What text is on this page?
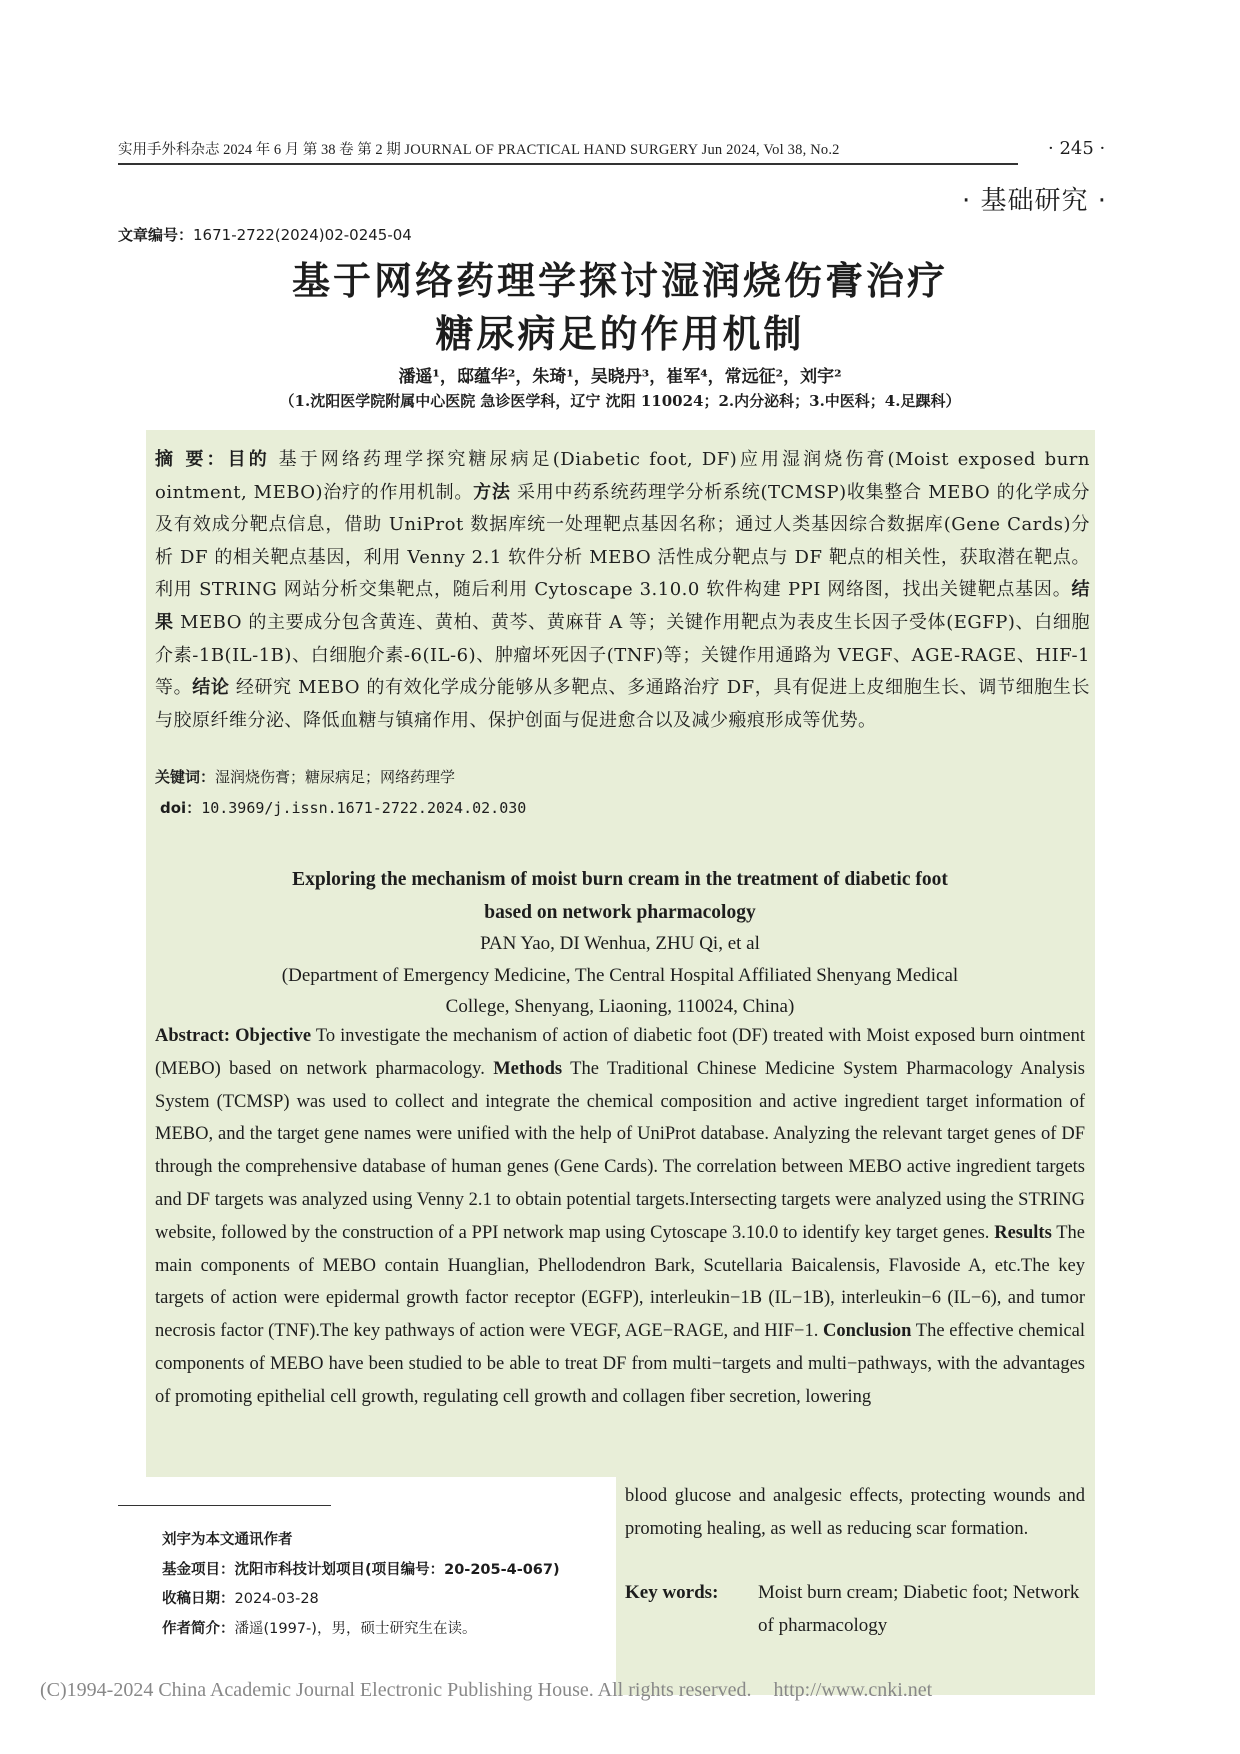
实用手外科杂志 2024 年 6 月 第 38 卷 第 2 期 JOURNAL OF PRACTICAL HAND SURGERY Jun 2024, Vol 38, No.2	· 245 ·
· 基础研究 ·
文章编号：1671-2722(2024)02-0245-04
基于网络药理学探讨湿润烧伤膏治疗
糖尿病足的作用机制
潘遥¹，邸蕴华²，朱琦¹，吴晓丹³，崔军⁴，常远征²，刘宇²
（1.沈阳医学院附属中心医院 急诊医学科，辽宁 沈阳 110024；2.内分泌科；3.中医科；4.足踝科）
摘 要：目的 基于网络药理学探究糖尿病足(Diabetic foot, DF)应用湿润烧伤膏(Moist exposed burn ointment, MEBO)治疗的作用机制。方法 采用中药系统药理学分析系统(TCMSP)收集整合 MEBO 的化学成分及有效成分靶点信息，借助 UniProt 数据库统一处理靶点基因名称；通过人类基因综合数据库(Gene Cards)分析 DF 的相关靶点基因，利用 Venny 2.1 软件分析 MEBO 活性成分靶点与 DF 靶点的相关性，获取潜在靶点。利用 STRING 网站分析交集靶点，随后利用 Cytoscape 3.10.0 软件构建 PPI 网络图，找出关键靶点基因。结果 MEBO 的主要成分包含黄连、黄柏、黄芩、黄麻苷 A 等；关键作用靶点为表皮生长因子受体(EGFP)、白细胞介素-1B(IL-1B)、白细胞介素-6(IL-6)、肿瘤坏死因子(TNF)等；关键作用通路为 VEGF、AGE-RAGE、HIF-1 等。结论 经研究 MEBO 的有效化学成分能够从多靶点、多通路治疗 DF，具有促进上皮细胞生长、调节细胞生长与胶原纤维分泌、降低血糖与镇痛作用、保护创面与促进愈合以及减少瘢痕形成等优势。
关键词：湿润烧伤膏；糖尿病足；网络药理学
doi：10.3969/j.issn.1671-2722.2024.02.030
Exploring the mechanism of moist burn cream in the treatment of diabetic foot
based on network pharmacology
PAN Yao, DI Wenhua, ZHU Qi, et al
(Department of Emergency Medicine, The Central Hospital Affiliated Shenyang Medical
College, Shenyang, Liaoning, 110024, China)
Abstract: Objective To investigate the mechanism of action of diabetic foot (DF) treated with Moist exposed burn ointment (MEBO) based on network pharmacology. Methods The Traditional Chinese Medicine System Pharmacology Analysis System (TCMSP) was used to collect and integrate the chemical composition and active ingredient target information of MEBO, and the target gene names were unified with the help of UniProt database. Analyzing the relevant target genes of DF through the comprehensive database of human genes (Gene Cards). The correlation between MEBO active ingredient targets and DF targets was analyzed using Venny 2.1 to obtain potential targets.Intersecting targets were analyzed using the STRING website, followed by the construction of a PPI network map using Cytoscape 3.10.0 to identify key target genes. Results The main components of MEBO contain Huanglian, Phellodendron Bark, Scutellaria Baicalensis, Flavoside A, etc.The key targets of action were epidermal growth factor receptor (EGFP), interleukin−1B (IL−1B), interleukin−6 (IL−6), and tumor necrosis factor (TNF).The key pathways of action were VEGF, AGE−RAGE, and HIF−1. Conclusion The effective chemical components of MEBO have been studied to be able to treat DF from multi−targets and multi−pathways, with the advantages of promoting epithelial cell growth, regulating cell growth and collagen fiber secretion, lowering
blood glucose and analgesic effects, protecting wounds and promoting healing, as well as reducing scar formation.
Key words: Moist burn cream; Diabetic foot; Network of pharmacology
刘宇为本文通讯作者
基金项目：沈阳市科技计划项目(项目编号：20-205-4-067)
收稿日期：2024-03-28
作者简介：潘遥(1997-)，男，硕士研究生在读。
(C)1994-2024 China Academic Journal Electronic Publishing House. All rights reserved. http://www.cnki.net
